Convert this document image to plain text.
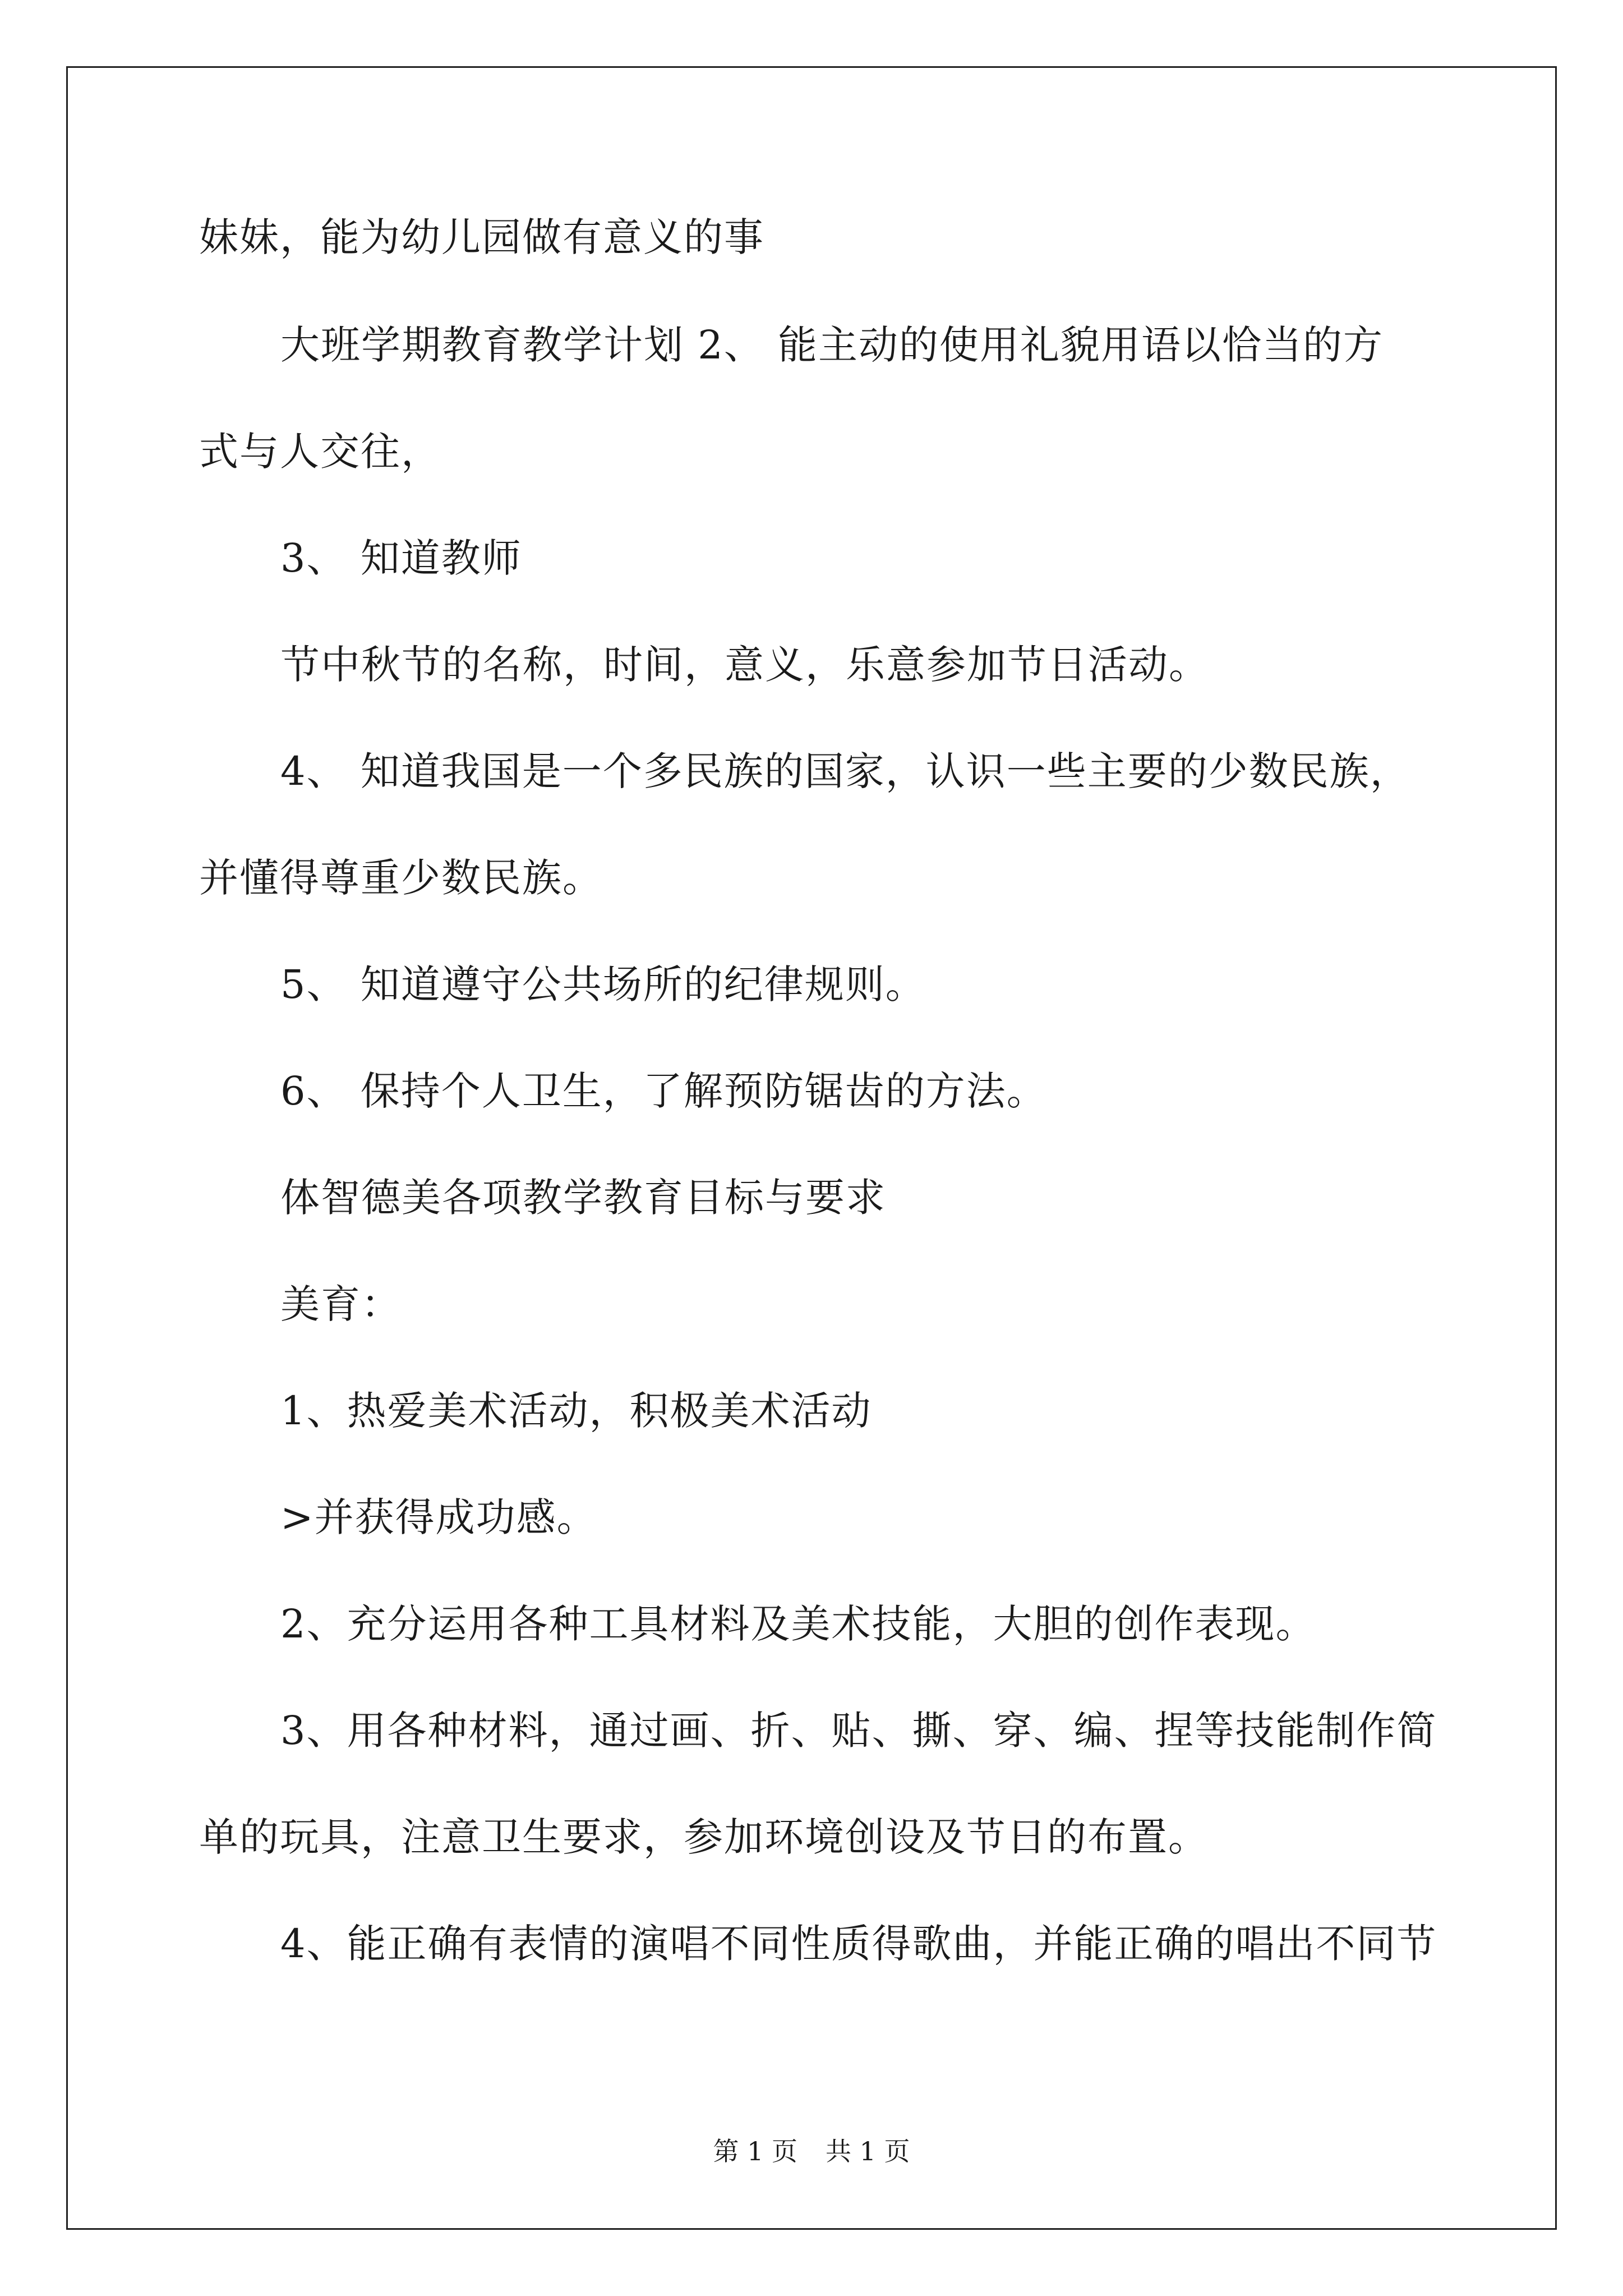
妹妹，能为幼儿园做有意义的事
大班学期教育教学计划 2、 能主动的使用礼貌用语以恰当的方
式与人交往，
3、 知道教师
节中秋节的名称，时间，意义，乐意参加节日活动。
4、 知道我国是一个多民族的国家，认识一些主要的少数民族，
并懂得尊重少数民族。
5、 知道遵守公共场所的纪律规则。
6、 保持个人卫生，了解预防锯齿的方法。
体智德美各项教学教育目标与要求
美育：
1、热爱美术活动，积极美术活动
>并获得成功感。
2、充分运用各种工具材料及美术技能，大胆的创作表现。
3、用各种材料，通过画、折、贴、撕、穿、编、捏等技能制作简
单的玩具，注意卫生要求，参加环境创设及节日的布置。
4、能正确有表情的演唱不同性质得歌曲，并能正确的唱出不同节
第 1 页 共 1 页
